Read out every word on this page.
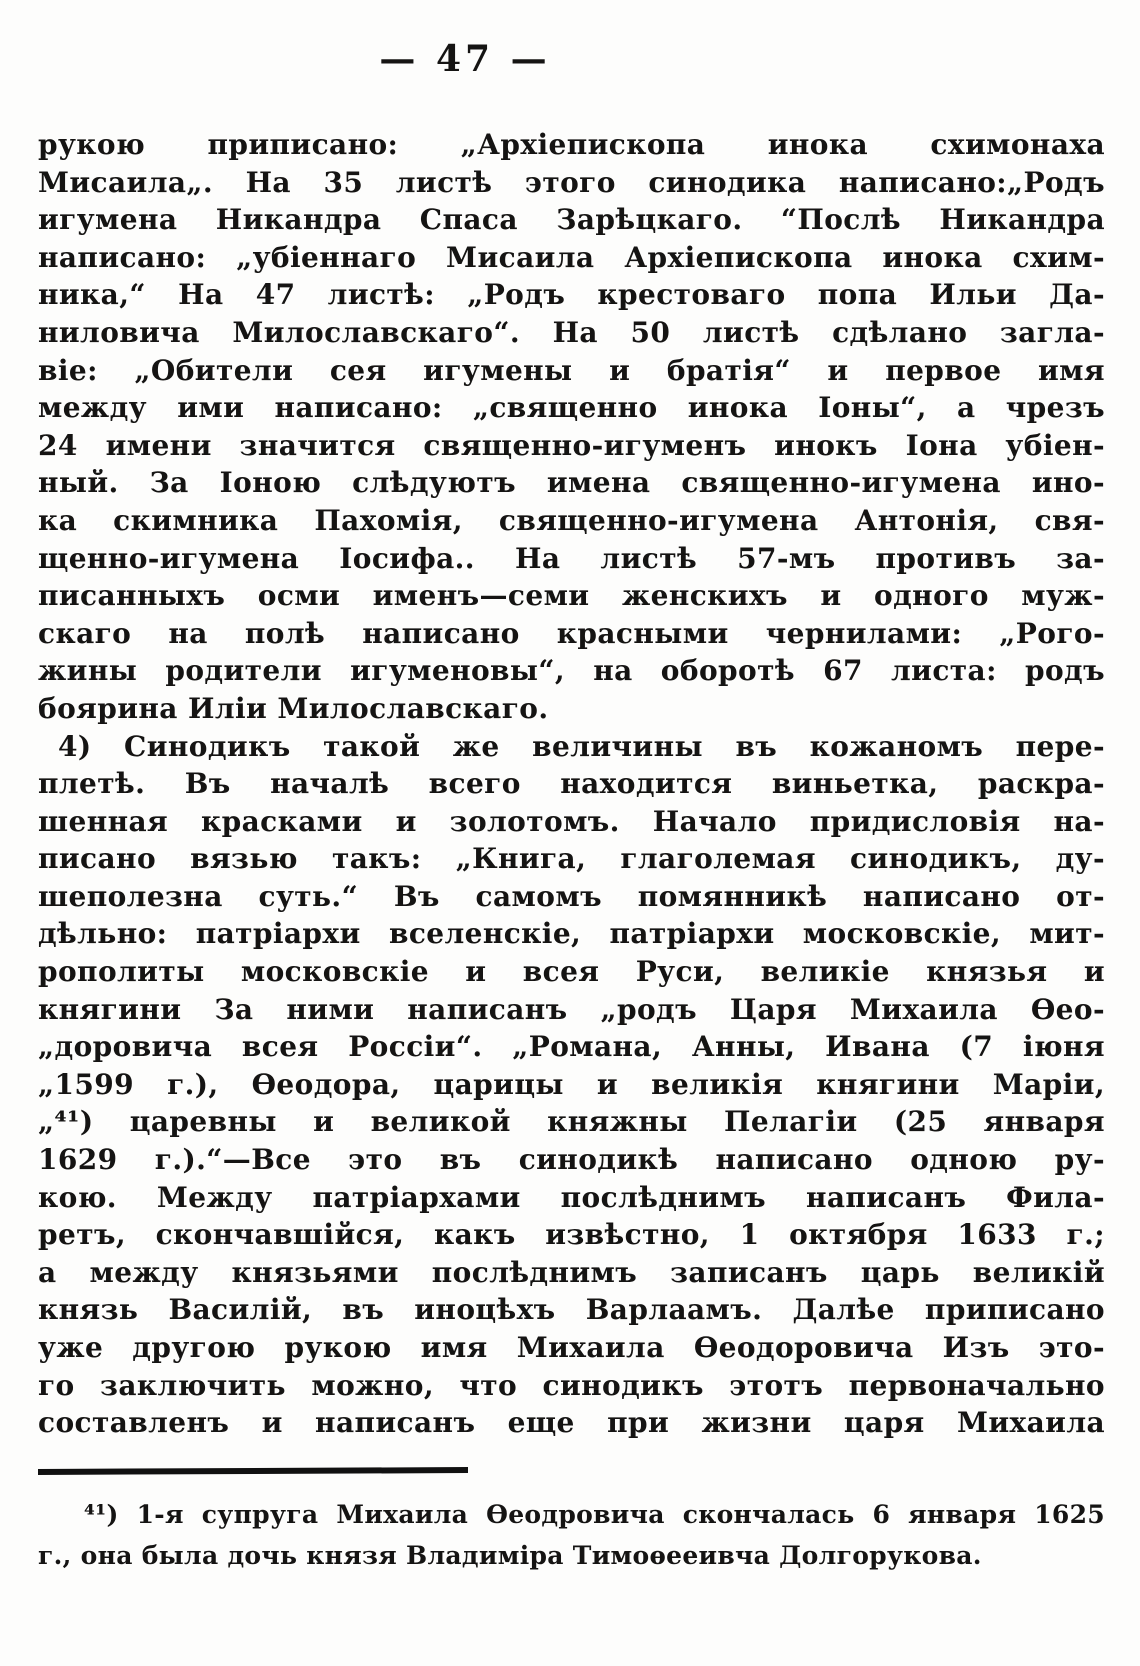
— 47 —
рукою приписано: „Архіепископа инока схимонаха
Мисаила„. На 35 листѣ этого синодика написано:„Родъ
игумена Никандра Спаса Зарѣцкаго. “Послѣ Никандра
написано: „убіеннаго Мисаила Архіепископа инока схим-
ника,“ На 47 листѣ: „Родъ крестоваго попа Ильи Да-
ниловича Милославскаго“. На 50 листѣ сдѣлано загла-
віе: „Обители сея игумены и братія“ и первое имя
между ими написано: „священно инока Іоны“, а чрезъ
24 имени значится священно-игуменъ инокъ Іона убіен-
ный. За Іоною слѣдуютъ имена священно-игумена ино-
ка скимника Пахомія, священно-игумена Антонія, свя-
щенно-игумена Іосифа.. На листѣ 57-мъ противъ за-
писанныхъ осми именъ—семи женскихъ и одного муж-
скаго на полѣ написано красными чернилами: „Рого-
жины родители игуменовы“, на оборотѣ 67 листа: родъ
боярина Иліи Милославскаго.
4) Синодикъ такой же величины въ кожаномъ пере-
плетѣ. Въ началѣ всего находится виньетка, раскра-
шенная красками и золотомъ. Начало придисловія на-
писано вязью такъ: „Книга, глаголемая синодикъ, ду-
шеполезна суть.“ Въ самомъ помянникѣ написано от-
дѣльно: патріархи вселенскіе, патріархи московскіе, мит-
рополиты московскіе и всея Руси, великіе князья и
княгини За ними написанъ „родъ Царя Михаила Ѳео-
„доровича всея Россіи“. „Романа, Анны, Ивана (7 іюня
„1599 г.), Ѳеодора, царицы и великія княгини Маріи,
„⁴¹) царевны и великой княжны Пелагіи (25 января
1629 г.).“—Все это въ синодикѣ написано одною ру-
кою. Между патріархами послѣднимъ написанъ Фила-
ретъ, скончавшійся, какъ извѣстно, 1 октября 1633 г.;
а между князьями послѣднимъ записанъ царь великій
князь Василій, въ иноцѣхъ Варлаамъ. Далѣе приписано
уже другою рукою имя Михаила Ѳеодоровича Изъ это-
го заключить можно, что синодикъ этотъ первоначально
составленъ и написанъ еще при жизни царя Михаила
⁴¹) 1-я супруга Михаила Ѳеодровича скончалась 6 января 1625
г., она была дочь князя Владиміра Тимоѳееивча Долгорукова.
